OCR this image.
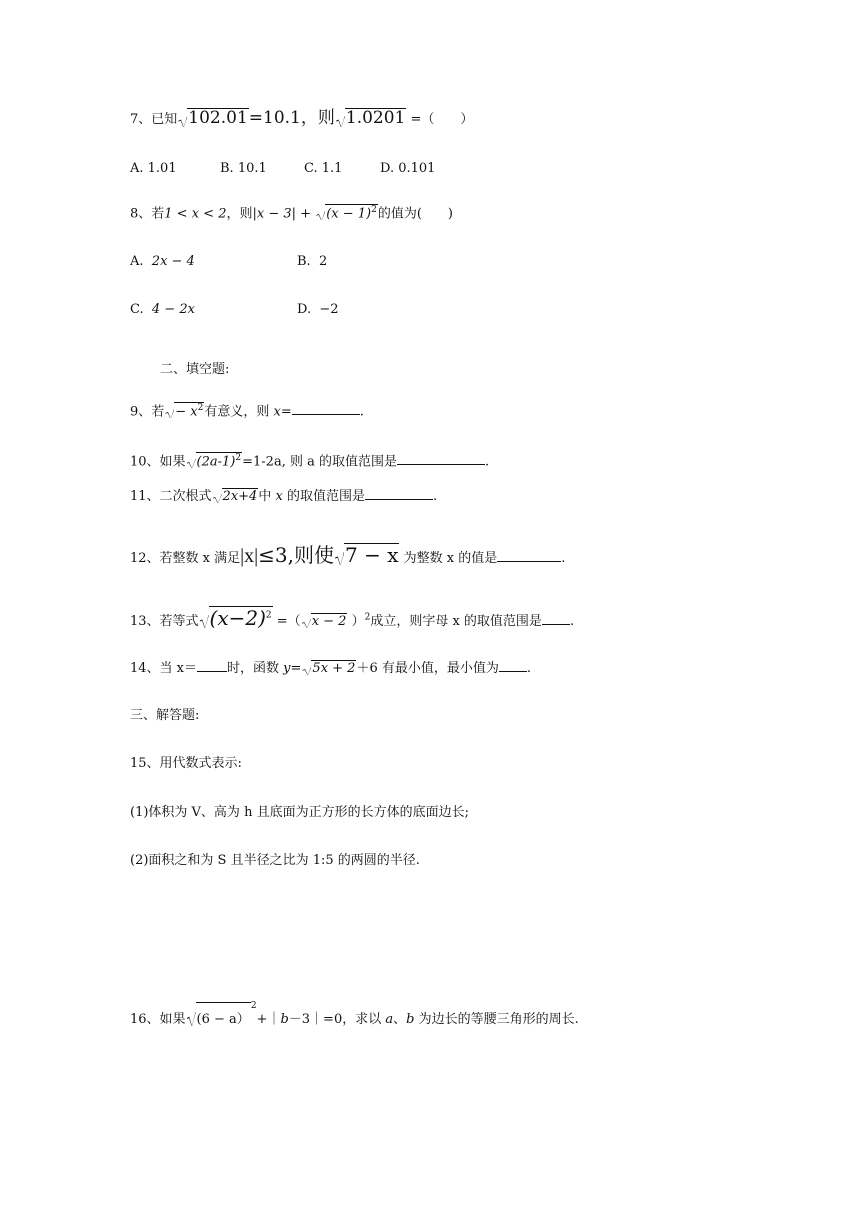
7、已知 102.01=10.1，则 1.0201 =（　　）
A. 1.01	B. 10.1	C. 1.1	D. 0.101
8、若1 < x < 2，则$|x - 3| + (x - 1)^2$的值为(　　)
A. 2x − 4	B. 2
C. 4 − 2x	D. −2
二、填空题:
9、若 − $x^2$有意义，则 x=	.
10、如果 $(2a-1)^2=1-2a$, 则 a 的取值范围是	.
11、二次根式 2x+4中 x 的取值范围是	.
12、若整数 x 满足|x|≤3,则使 7 − x 为整数 x 的值是	.
13、若等式 $(x-2)^2$ =（ x − 2 ）$^2$成立，则字母 x 的取值范围是 .
14、当 x＝ 时，函数 y= 5x + 2＋6 有最小值，最小值为 .
三、解答题:
15、用代数式表示:
(1)体积为 V、高为 h 且底面为正方形的长方体的底面边长;
(2)面积之和为 S 且半径之比为 1:5 的两圆的半径.
16、如果 (6 − a）$^2$+｜b－3｜=0，求以 a、b 为边长的等腰三角形的周长.
